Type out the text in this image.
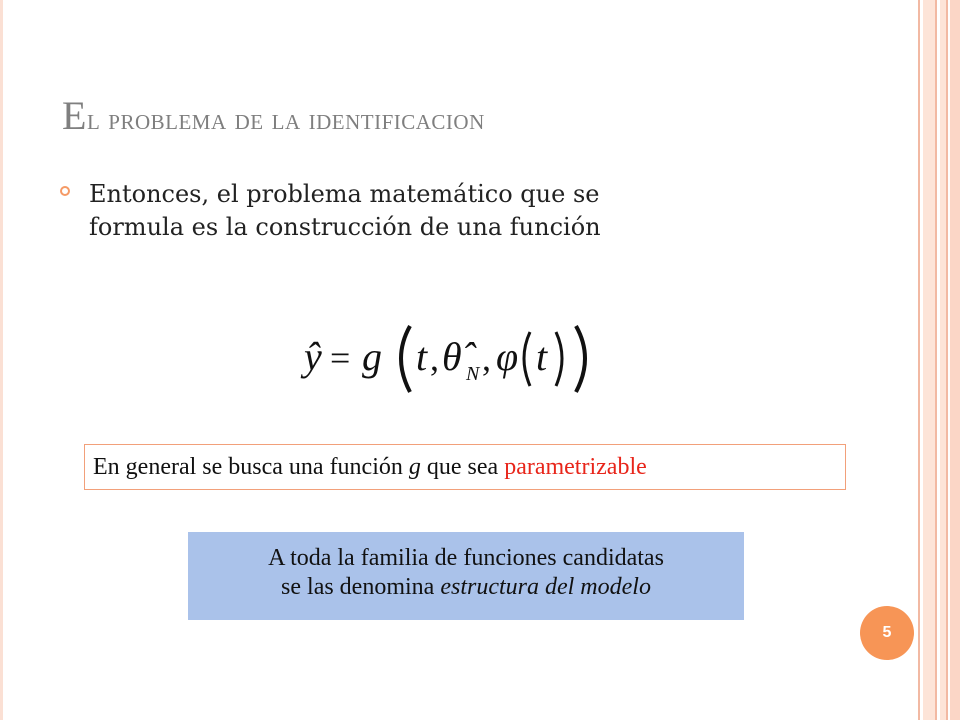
El problema de la identificacion
Entonces, el problema matemático que se
formula es la construcción de una función
ŷ = g t , θ̂ N , φ t
En general se busca una función g que sea parametrizable
A toda la familia de funciones candidatas
se las denomina estructura del modelo
5
